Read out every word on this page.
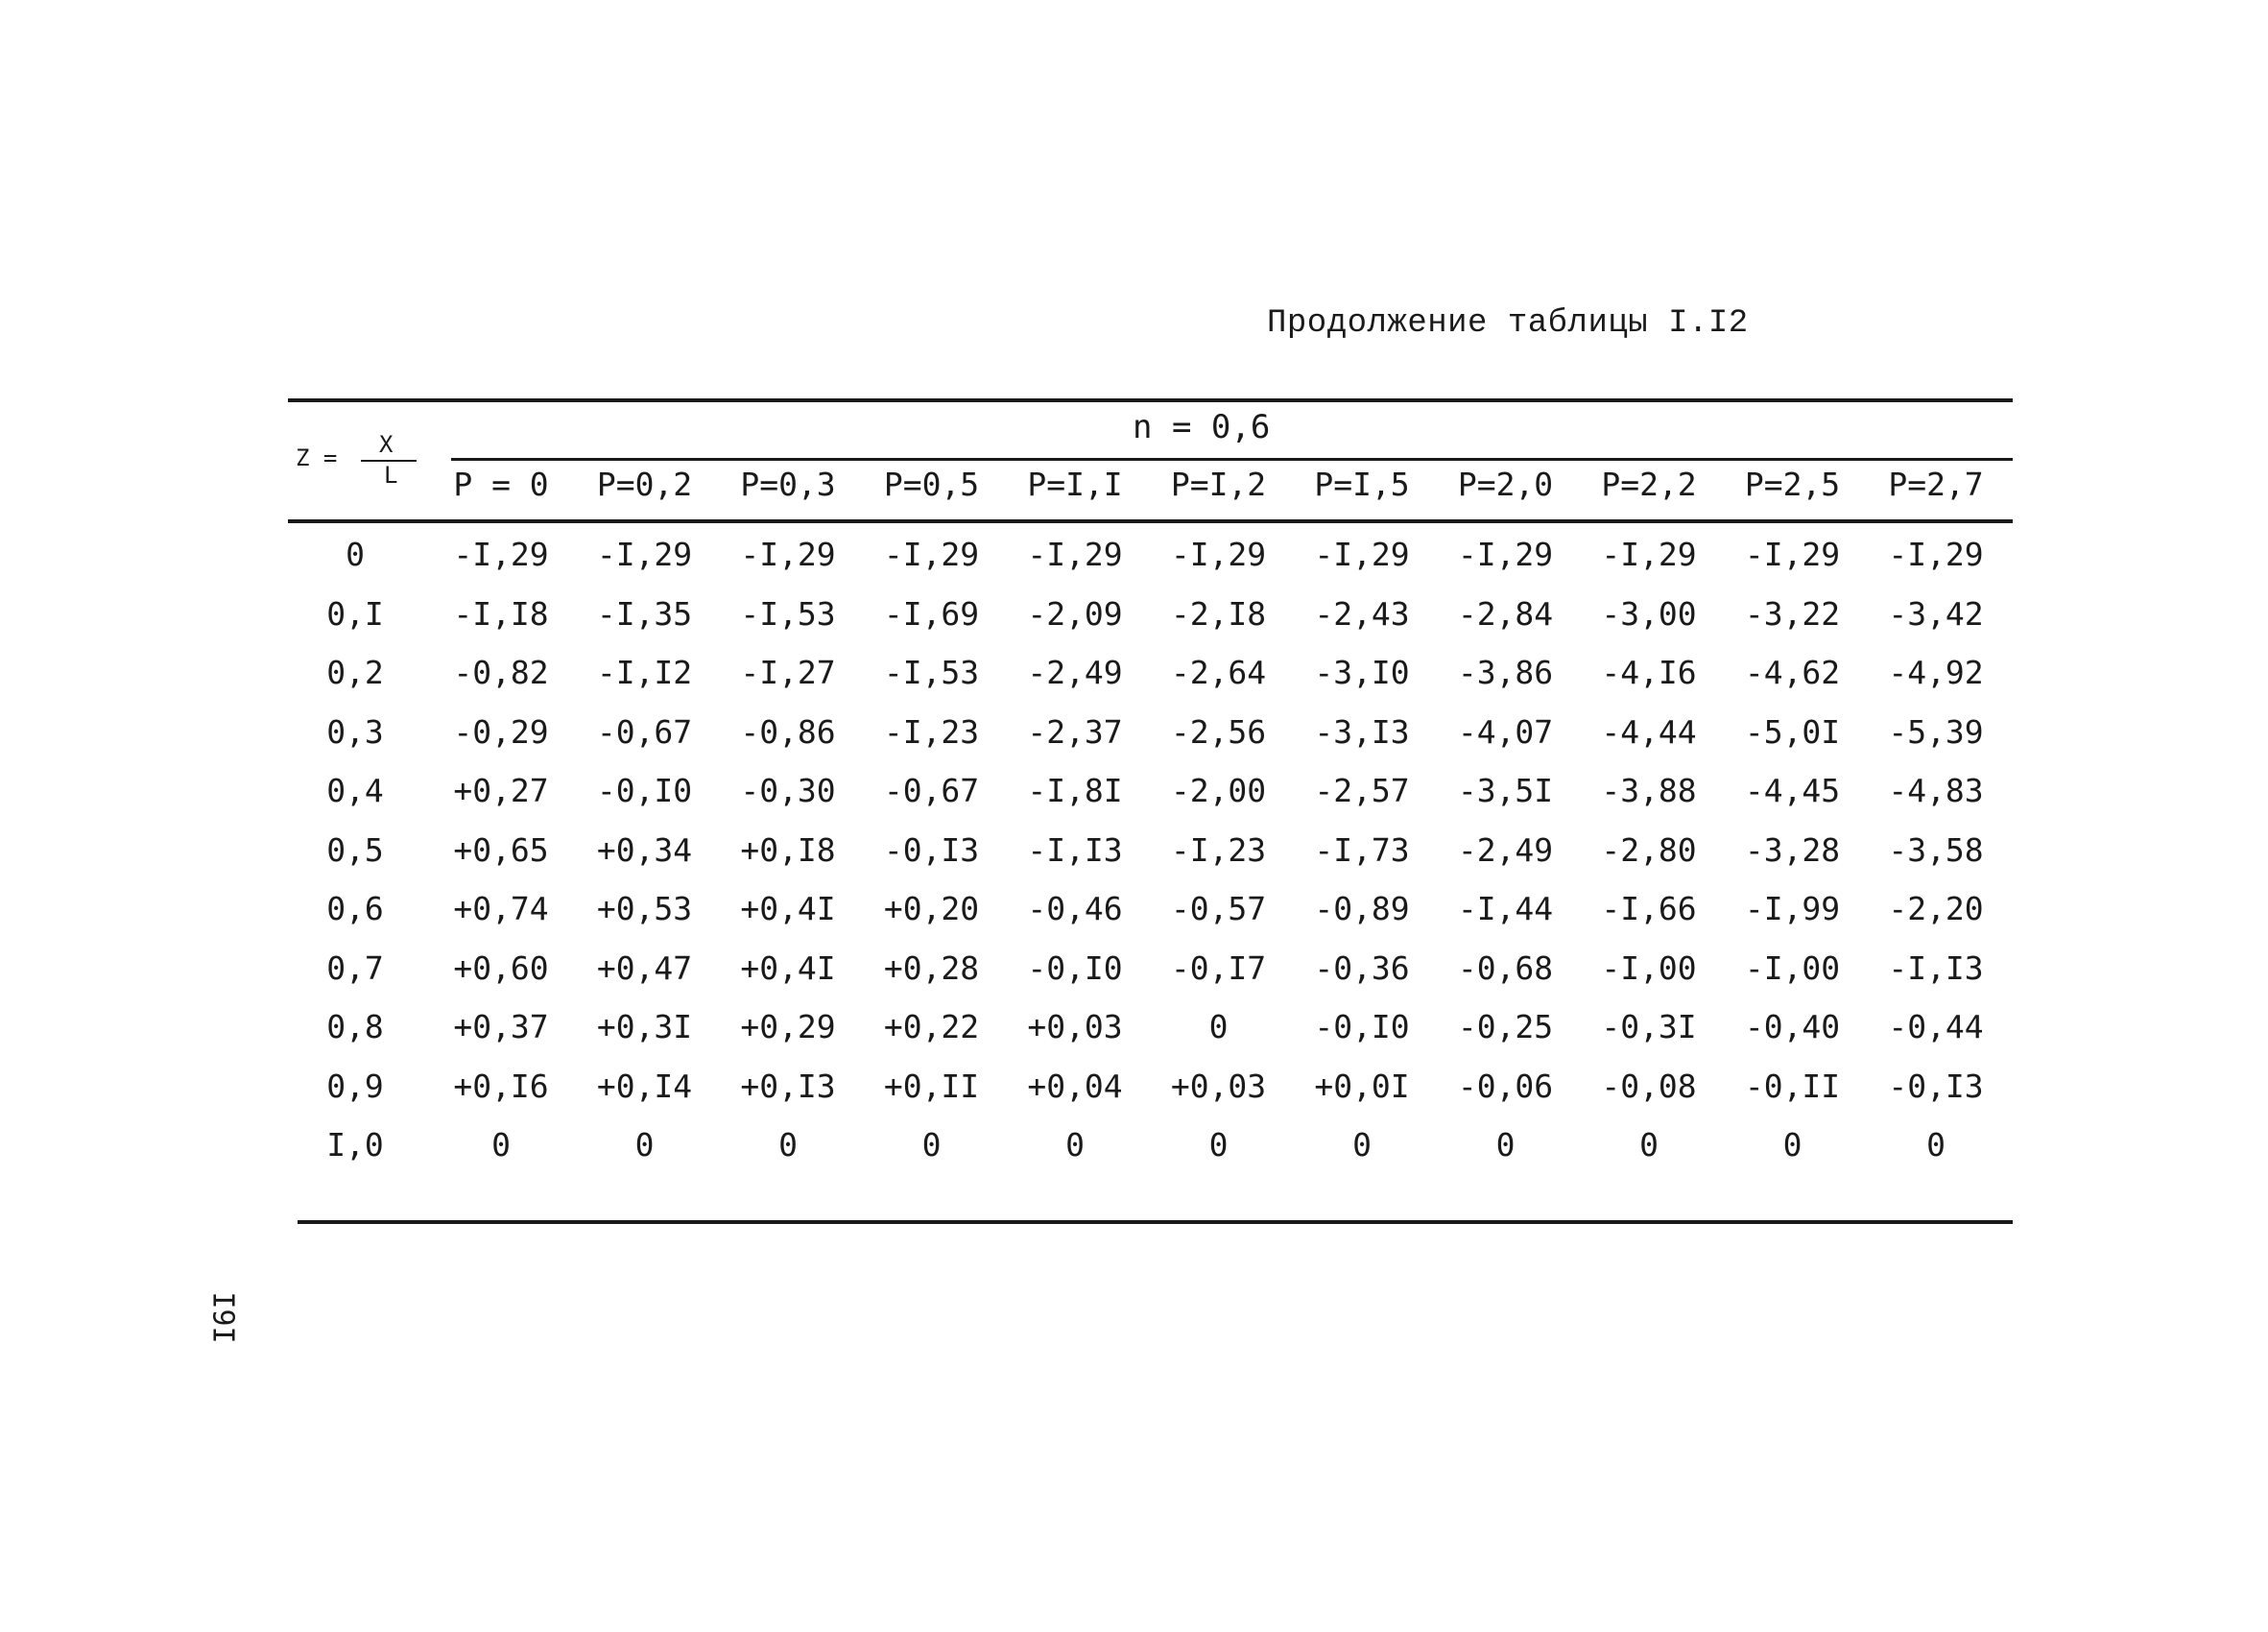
Продолжение таблицы I.I2
Z = X
L
n = 0,6
P = 0	P=0,2	P=0,3	P=0,5	P=I,I	P=I,2	P=I,5	P=2,0	P=2,2	P=2,5	P=2,7
0	-I,29	-I,29	-I,29	-I,29	-I,29	-I,29	-I,29	-I,29	-I,29	-I,29	-I,29
0,I	-I,I8	-I,35	-I,53	-I,69	-2,09	-2,I8	-2,43	-2,84	-3,00	-3,22	-3,42
0,2	-0,82	-I,I2	-I,27	-I,53	-2,49	-2,64	-3,I0	-3,86	-4,I6	-4,62	-4,92
0,3	-0,29	-0,67	-0,86	-I,23	-2,37	-2,56	-3,I3	-4,07	-4,44	-5,0I	-5,39
0,4	+0,27	-0,I0	-0,30	-0,67	-I,8I	-2,00	-2,57	-3,5I	-3,88	-4,45	-4,83
0,5	+0,65	+0,34	+0,I8	-0,I3	-I,I3	-I,23	-I,73	-2,49	-2,80	-3,28	-3,58
0,6	+0,74	+0,53	+0,4I	+0,20	-0,46	-0,57	-0,89	-I,44	-I,66	-I,99	-2,20
0,7	+0,60	+0,47	+0,4I	+0,28	-0,I0	-0,I7	-0,36	-0,68	-I,00	-I,00	-I,I3
0,8	+0,37	+0,3I	+0,29	+0,22	+0,03	0	-0,I0	-0,25	-0,3I	-0,40	-0,44
0,9	+0,I6	+0,I4	+0,I3	+0,II	+0,04	+0,03	+0,0I	-0,06	-0,08	-0,II	-0,I3
I,0	0	0	0	0	0	0	0	0	0	0	0
I9I
